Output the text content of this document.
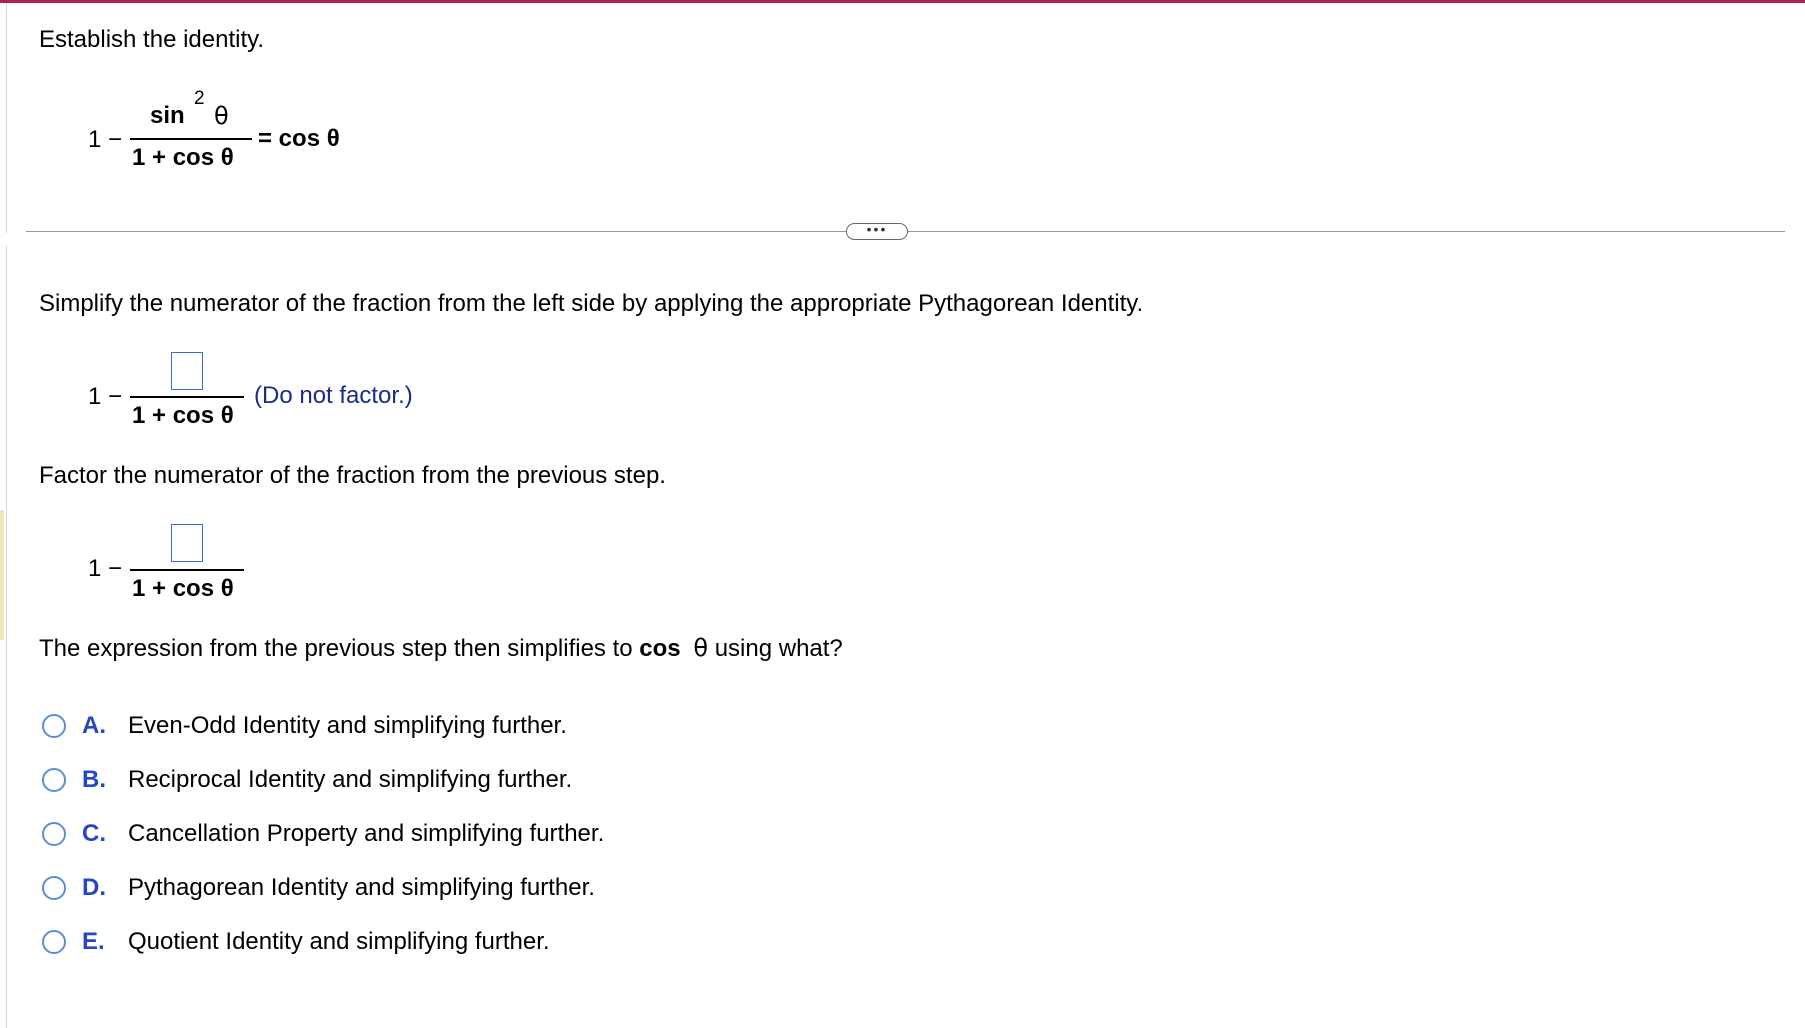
Establish the identity.
1 −
sin
2
θ
1 + cos θ
= cos θ
•••
Simplify the numerator of the fraction from the left side by applying the appropriate Pythagorean Identity.
1 −
1 + cos θ
(Do not factor.)
Factor the numerator of the fraction from the previous step.
1 −
1 + cos θ
The expression from the previous step then simplifies to cos θ using what?
A. Even-Odd Identity and simplifying further.
B. Reciprocal Identity and simplifying further.
C. Cancellation Property and simplifying further.
D. Pythagorean Identity and simplifying further.
E. Quotient Identity and simplifying further.
